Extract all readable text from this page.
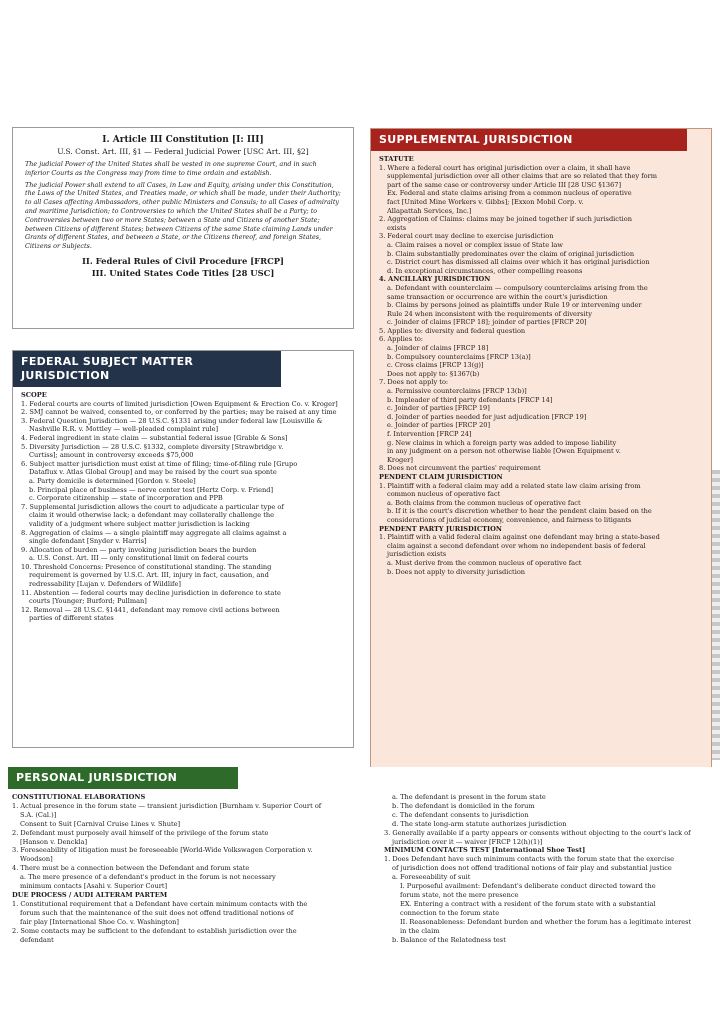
I. Article III Constitution [I: III]

U.S. Const. Art. III, §1 — Federal Judicial Power [USC Art. III, §2]

The judicial Power of the United States shall be vested in one supreme Court, and in such inferior Courts as the Congress may from time to time ordain and establish.

The judicial Power shall extend to all Cases, in Law and Equity, arising under this Constitution, the Laws of the United States, and Treaties made, or which shall be made, under their Authority; to all Cases affecting Ambassadors, other public Ministers and Consuls; to all Cases of admiralty and maritime Jurisdiction; to Controversies to which the United States shall be a Party; to Controversies between two or more States; between a State and Citizens of another State; between Citizens of different States; between Citizens of the same State claiming Lands under Grants of different States, and between a State, or the Citizens thereof, and foreign States, Citizens or Subjects.

II. Federal Rules of Civil Procedure [FRCP]

III. United States Code Titles [28 USC]

FEDERAL SUBJECT MATTER JURISDICTION

SCOPE

1. Federal courts are courts of limited jurisdiction [Owen Equipment & Erection Co. v. Kroger]

2. SMJ cannot be waived, consented to, or conferred by the parties; may be raised at any time

3. Federal Question Jurisdiction — 28 U.S.C. §1331 arising under federal law [Louisville &

Nashville R.R. v. Mottley — well-pleaded complaint rule]

4. Federal ingredient in state claim — substantial federal issue [Grable & Sons]

5. Diversity Jurisdiction — 28 U.S.C. §1332, complete diversity [Strawbridge v.

Curtiss]; amount in controversy exceeds $75,000

6. Subject matter jurisdiction must exist at time of filing; time-of-filing rule [Grupo

Dataflux v. Atlas Global Group] and may be raised by the court sua sponte

a. Party domicile is determined [Gordon v. Steele]

b. Principal place of business — nerve center test [Hertz Corp. v. Friend]

c. Corporate citizenship — state of incorporation and PPB

7. Supplemental jurisdiction allows the court to adjudicate a particular type of

claim it would otherwise lack; a defendant may collaterally challenge the

validity of a judgment where subject matter jurisdiction is lacking

8. Aggregation of claims — a single plaintiff may aggregate all claims against a

single defendant [Snyder v. Harris]

9. Allocation of burden — party invoking jurisdiction bears the burden

a. U.S. Const. Art. III — only constitutional limit on federal courts

10. Threshold Concerns: Presence of constitutional standing. The standing

requirement is governed by U.S.C. Art. III, injury in fact, causation, and

redressability [Lujan v. Defenders of Wildlife]

11. Abstention — federal courts may decline jurisdiction in deference to state

courts [Younger; Burford; Pullman]

12. Removal — 28 U.S.C. §1441, defendant may remove civil actions between

parties of different states

SUPPLEMENTAL JURISDICTION

STATUTE

1. Where a federal court has original jurisdiction over a claim, it shall have

supplemental jurisdiction over all other claims that are so related that they form

part of the same case or controversy under Article III [28 USC §1367]

Ex. Federal and state claims arising from a common nucleus of operative

fact [United Mine Workers v. Gibbs]; [Exxon Mobil Corp. v.

Allapattah Services, Inc.]

2. Aggregation of Claims: claims may be joined together if such jurisdiction

exists

3. Federal court may decline to exercise jurisdiction

a. Claim raises a novel or complex issue of State law

b. Claim substantially predominates over the claim of original jurisdiction

c. District court has dismissed all claims over which it has original jurisdiction

d. In exceptional circumstances, other compelling reasons

4. ANCILLARY JURISDICTION

a. Defendant with counterclaim — compulsory counterclaims arising from the

same transaction or occurrence are within the court's jurisdiction

b. Claims by persons joined as plaintiffs under Rule 19 or intervening under

Rule 24 when inconsistent with the requirements of diversity

c. Joinder of claims [FRCP 18]; joinder of parties [FRCP 20]

5. Applies to: diversity and federal question

6. Applies to:

a. Joinder of claims [FRCP 18]

b. Compulsory counterclaims [FRCP 13(a)]

c. Cross claims [FRCP 13(g)]

Does not apply to: §1367(b)

7. Does not apply to:

a. Permissive counterclaims [FRCP 13(b)]

b. Impleader of third party defendants [FRCP 14]

c. Joinder of parties [FRCP 19]

d. Joinder of parties needed for just adjudication [FRCP 19]

e. Joinder of parties [FRCP 20]

f. Intervention [FRCP 24]

g. New claims in which a foreign party was added to impose liability

in any judgment on a person not otherwise liable [Owen Equipment v.

Kroger]

8. Does not circumvent the parties' requirement

PENDENT CLAIM JURISDICTION

1. Plaintiff with a federal claim may add a related state law claim arising from

common nucleus of operative fact

a. Both claims from the common nucleus of operative fact

b. If it is the court's discretion whether to hear the pendent claim based on the

considerations of judicial economy, convenience, and fairness to litigants

PENDENT PARTY JURISDICTION

1. Plaintiff with a valid federal claim against one defendant may bring a state-based

claim against a second defendant over whom no independent basis of federal

jurisdiction exists

a. Must derive from the common nucleus of operative fact

b. Does not apply to diversity jurisdiction

PERSONAL JURISDICTION

CONSTITUTIONAL ELABORATIONS

1. Actual presence in the forum state — transient jurisdiction [Burnham v. Superior Court of

S.A. (Cal.)]

Consent to Suit [Carnival Cruise Lines v. Shute]

2. Defendant must purposely avail himself of the privilege of the forum state

[Hanson v. Denckla]

3. Foreseeability of litigation must be foreseeable [World-Wide Volkswagen Corporation v.

Woodson]

4. There must be a connection between the Defendant and forum state

a. The mere presence of a defendant's product in the forum is not necessary

minimum contacts [Asahi v. Superior Court]

DUE PROCESS / AUDI ALTERAM PARTEM

1. Constitutional requirement that a Defendant have certain minimum contacts with the

forum such that the maintenance of the suit does not offend traditional notions of

fair play [International Shoe Co. v. Washington]

2. Some contacts may be sufficient to the defendant to establish jurisdiction over the

defendant

a. The defendant is present in the forum state

b. The defendant is domiciled in the forum

c. The defendant consents to jurisdiction

d. The state long-arm statute authorizes jurisdiction

3. Generally available if a party appears or consents without objecting to the court's lack of

jurisdiction over it — waiver [FRCP 12(h)(1)]

MINIMUM CONTACTS TEST [International Shoe Test]

1. Does Defendant have such minimum contacts with the forum state that the exercise

of jurisdiction does not offend traditional notions of fair play and substantial justice

a. Foreseeability of suit

I. Purposeful availment: Defendant's deliberate conduct directed toward the

forum state, not the mere presence

EX. Entering a contract with a resident of the forum state with a substantial

connection to the forum state

II. Reasonableness: Defendant burden and whether the forum has a legitimate interest

in the claim

b. Balance of the Relatedness test
